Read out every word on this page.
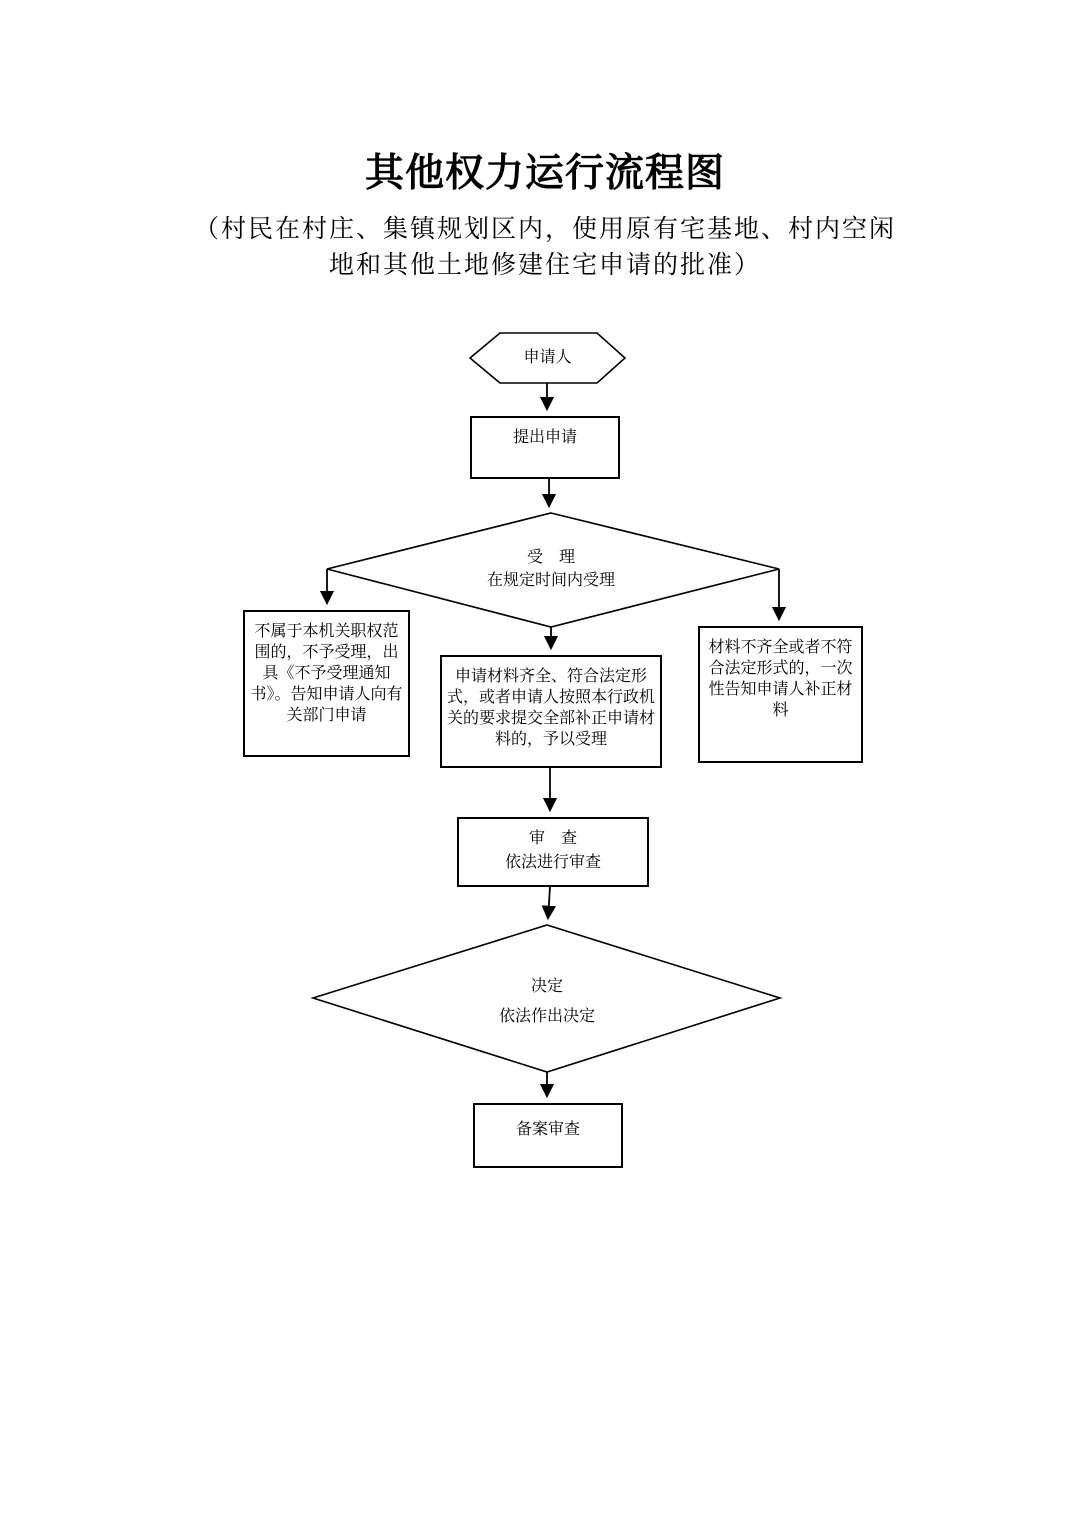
其他权力运行流程图
（村民在村庄、集镇规划区内，使用原有宅基地、村内空闲
地和其他土地修建住宅申请的批准）
申请人
提出申请
受　理
在规定时间内受理
不属于本机关职权范围的，不予受理，出具《不予受理通知书》。告知申请人向有关部门申请
申请材料齐全、符合法定形式，或者申请人按照本行政机关的要求提交全部补正申请材料的，予以受理
材料不齐全或者不符合法定形式的，一次性告知申请人补正材料
审　查
依法进行审查
决定
依法作出决定
备案审查
